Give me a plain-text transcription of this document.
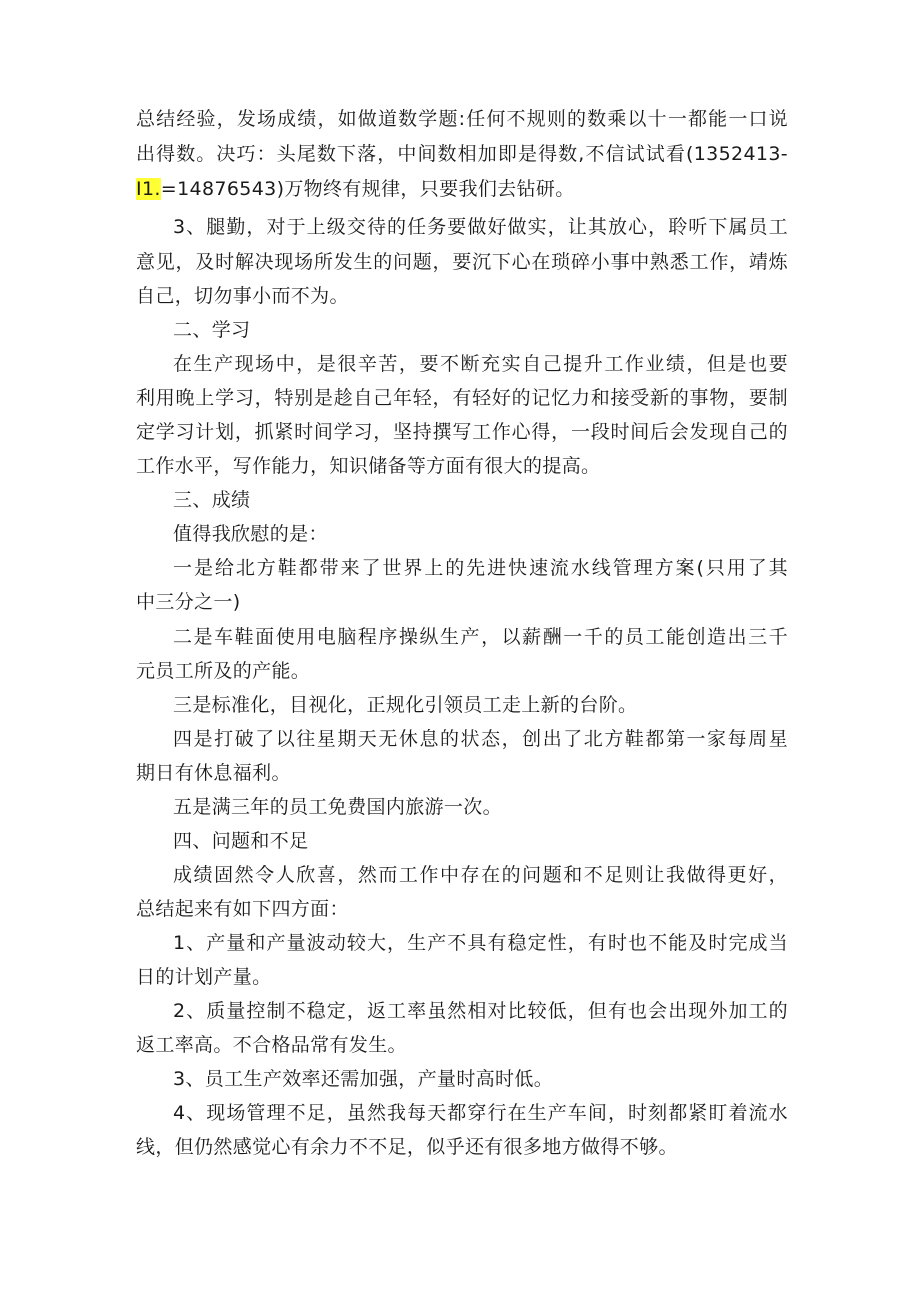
总结经验，发场成绩，如做道数学题:任何不规则的数乘以十一都能一口说
出得数。决巧：头尾数下落，中间数相加即是得数,不信试试看(1352413-
I1.=14876543)万物终有规律，只要我们去钻研。
3、腿勤，对于上级交待的任务要做好做实，让其放心，聆听下属员工
意见，及时解决现场所发生的问题，要沉下心在琐碎小事中熟悉工作，靖炼
自己，切勿事小而不为。
二、学习
在生产现场中，是很辛苦，要不断充实自己提升工作业绩，但是也要
利用晚上学习，特别是趁自己年轻，有轻好的记忆力和接受新的事物，要制
定学习计划，抓紧时间学习，坚持撰写工作心得，一段时间后会发现自己的
工作水平，写作能力，知识储备等方面有很大的提高。
三、成绩
值得我欣慰的是：
一是给北方鞋都带来了世界上的先进快速流水线管理方案(只用了其
中三分之一)
二是车鞋面使用电脑程序操纵生产，以薪酬一千的员工能创造出三千
元员工所及的产能。
三是标准化，目视化，正规化引领员工走上新的台阶。
四是打破了以往星期天无休息的状态，创出了北方鞋都第一家每周星
期日有休息福利。
五是满三年的员工免费国内旅游一次。
四、问题和不足
成绩固然令人欣喜，然而工作中存在的问题和不足则让我做得更好，
总结起来有如下四方面：
1、产量和产量波动较大，生产不具有稳定性，有时也不能及时完成当
日的计划产量。
2、质量控制不稳定，返工率虽然相对比较低，但有也会出现外加工的
返工率高。不合格品常有发生。
3、员工生产效率还需加强，产量时高时低。
4、现场管理不足，虽然我每天都穿行在生产车间，时刻都紧盯着流水
线，但仍然感觉心有余力不不足，似乎还有很多地方做得不够。
